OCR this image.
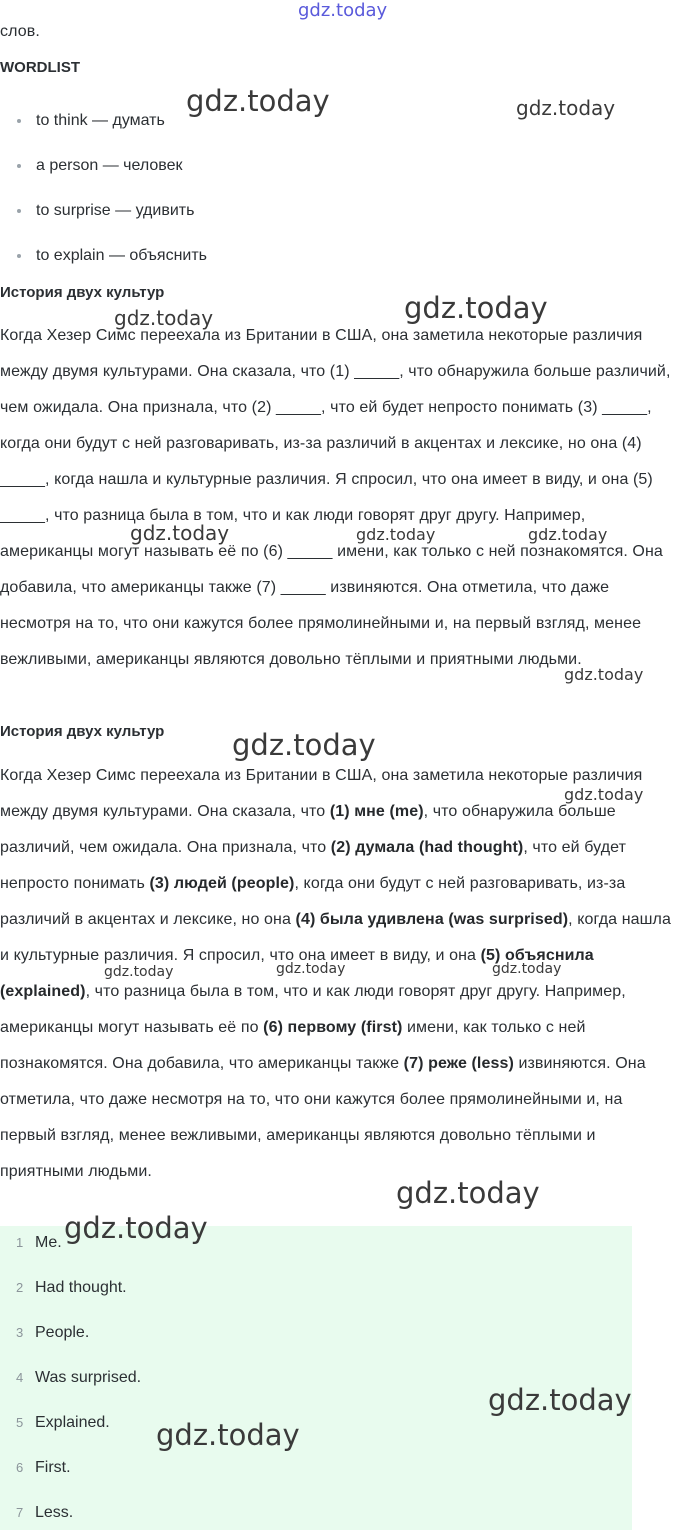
слов.
WORDLIST
to think — думать
a person — человек
to surprise — удивить
to explain — объяснить
История двух культур

Когда Хезер Симс переехала из Британии в США, она заметила некоторые различия между двумя культурами. Она сказала, что (1) _____, что обнаружила больше различий, чем ожидала. Она признала, что (2) _____, что ей будет непросто понимать (3) _____, когда они будут с ней разговаривать, из-за различий в акцентах и лексике, но она (4) _____, когда нашла и культурные различия. Я спросил, что она имеет в виду, и она (5) _____, что разница была в том, что и как люди говорят друг другу. Например, американцы могут называть её по (6) _____ имени, как только с ней познакомятся. Она добавила, что американцы также (7) _____ извиняются. Она отметила, что даже несмотря на то, что они кажутся более прямолинейными и, на первый взгляд, менее вежливыми, американцы являются довольно тёплыми и приятными людьми.

История двух культур

Когда Хезер Симс переехала из Британии в США, она заметила некоторые различия между двумя культурами. Она сказала, что (1) мне (me), что обнаружила больше различий, чем ожидала. Она признала, что (2) думала (had thought), что ей будет непросто понимать (3) людей (people), когда они будут с ней разговаривать, из-за различий в акцентах и лексике, но она (4) была удивлена (was surprised), когда нашла и культурные различия. Я спросил, что она имеет в виду, и она (5) объяснила (explained), что разница была в том, что и как люди говорят друг другу. Например, американцы могут называть её по (6) первому (first) имени, как только с ней познакомятся. Она добавила, что американцы также (7) реже (less) извиняются. Она отметила, что даже несмотря на то, что они кажутся более прямолинейными и, на первый взгляд, менее вежливыми, американцы являются довольно тёплыми и приятными людьми.

1 Me.
2 Had thought.
3 People.
4 Was surprised.
5 Explained.
6 First.
7 Less.
gdz.today
gdz.today	gdz.today
gdz.today
gdz.today
gdz.today	gdz.today	gdz.today
gdz.today
gdz.today
gdz.today
gdz.today	gdz.today	gdz.today
gdz.today
gdz.today
gdz.today
gdz.today
